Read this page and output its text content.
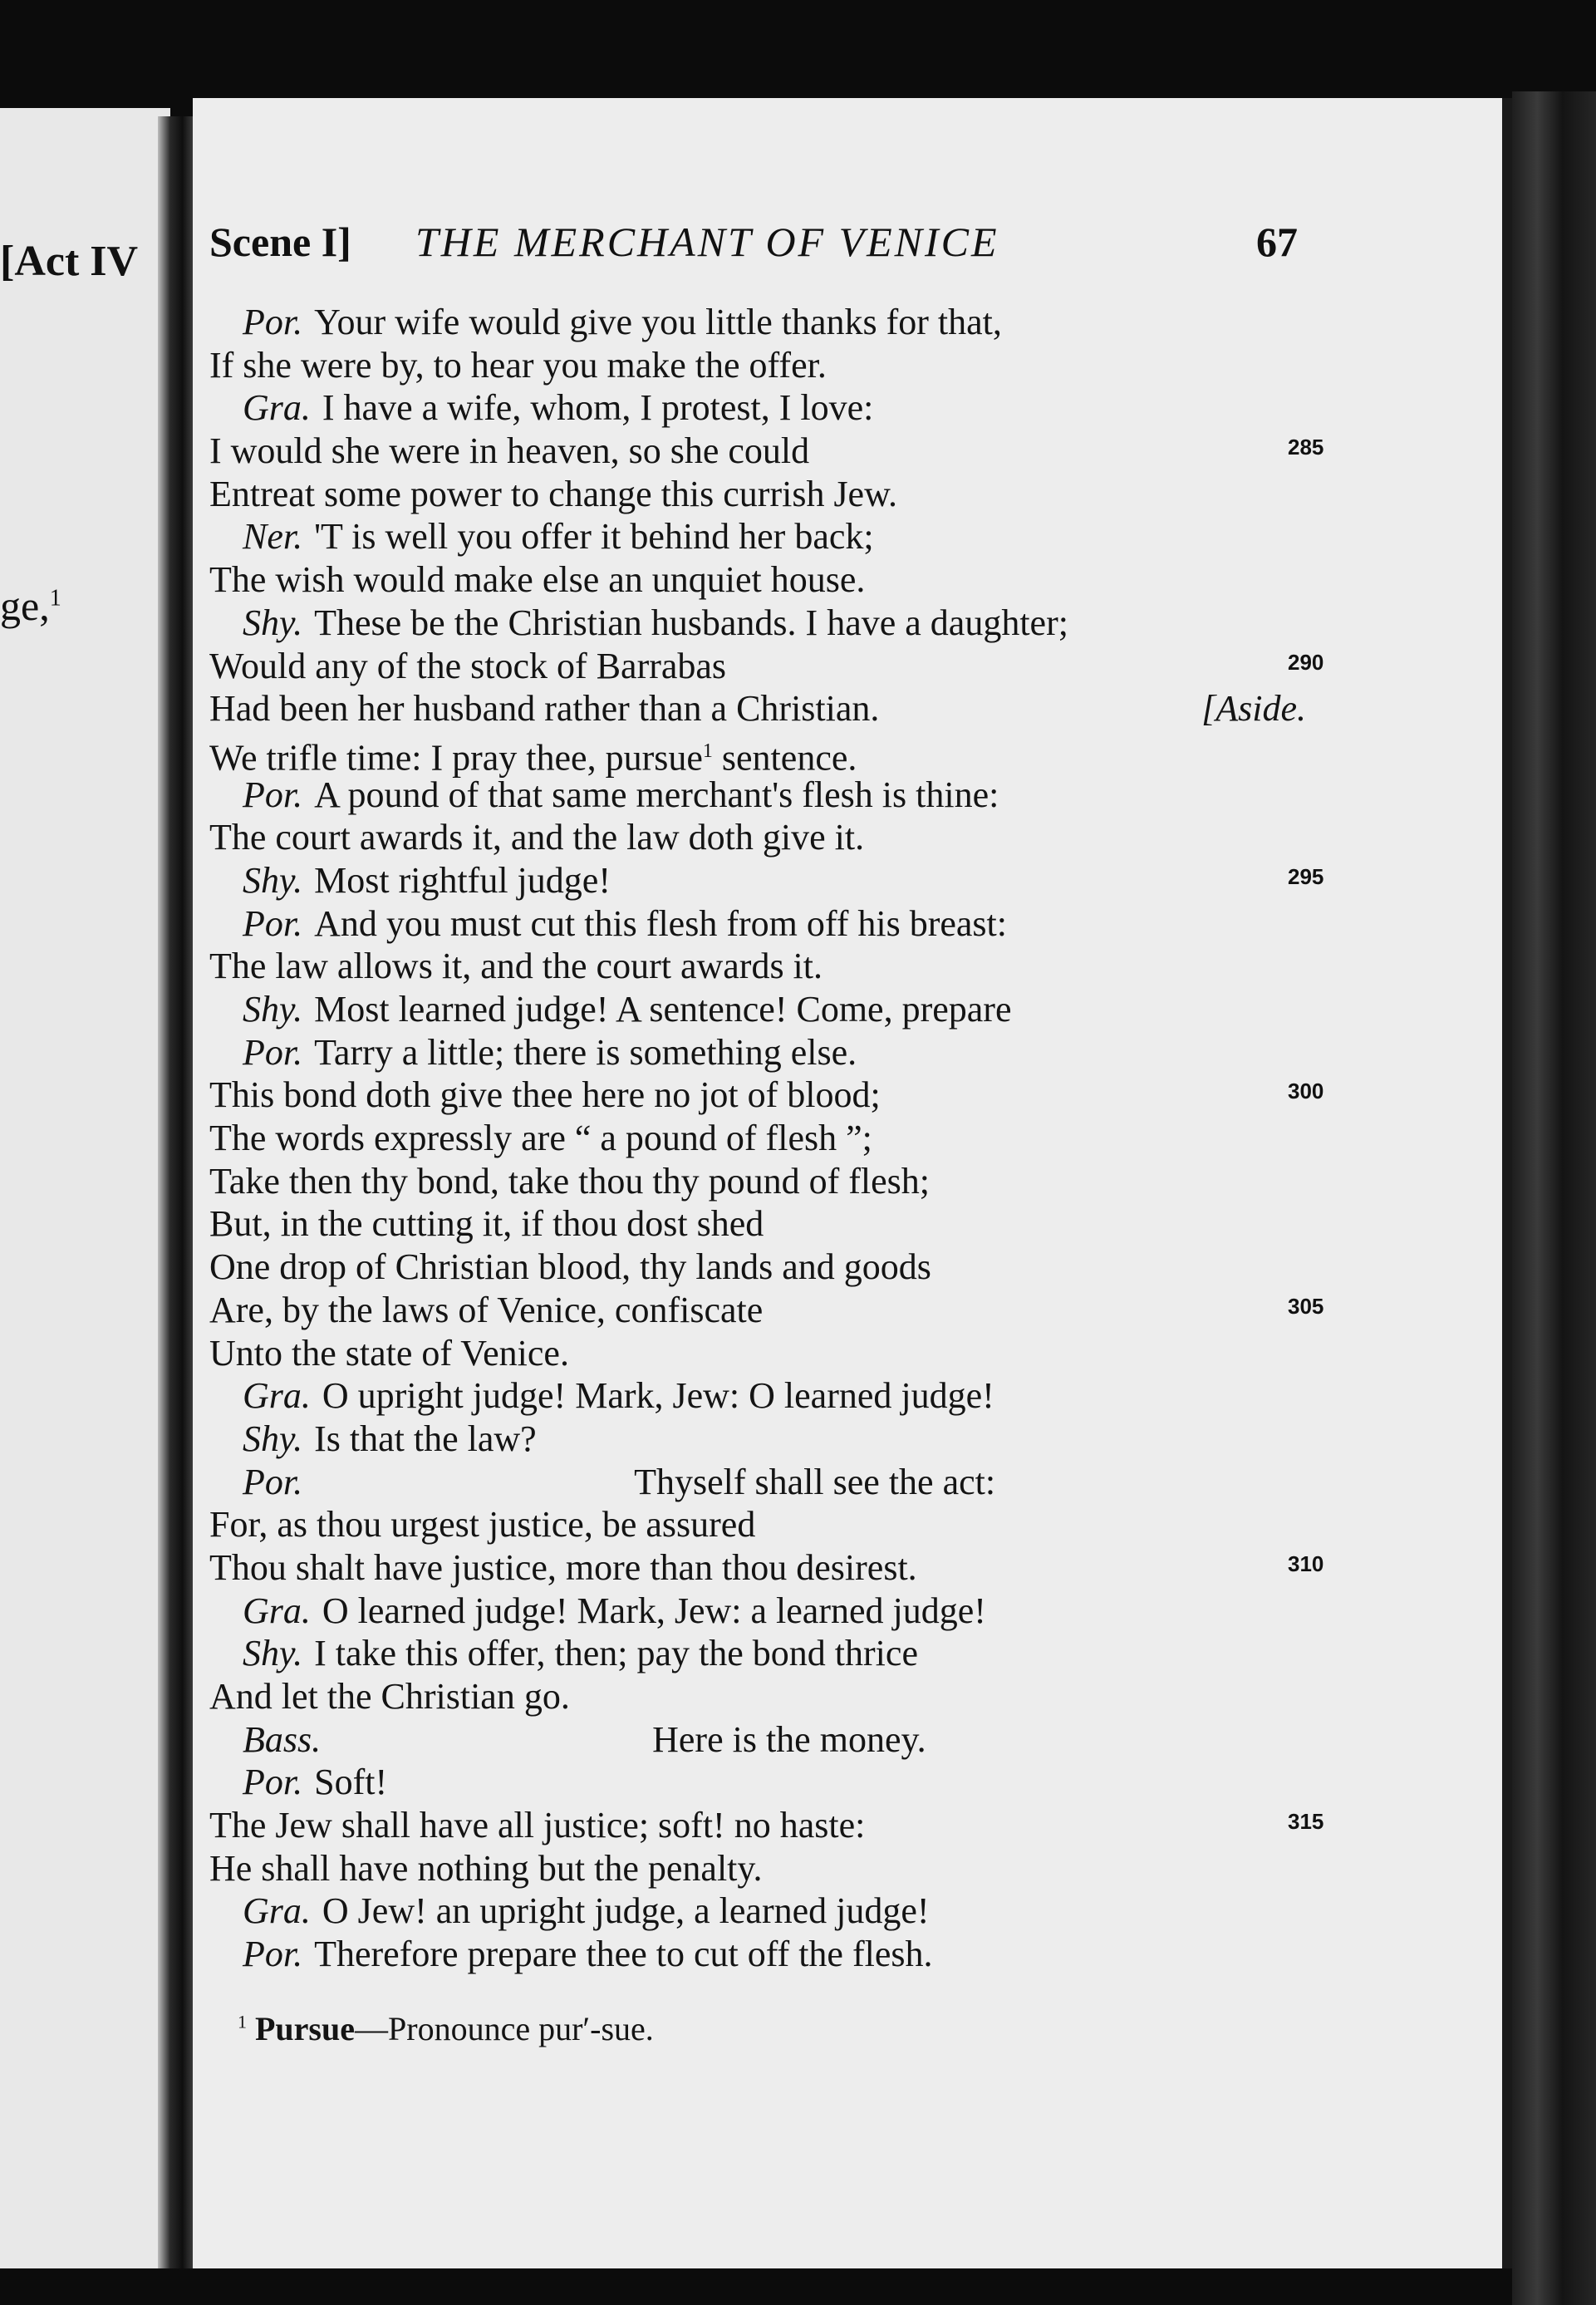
[Act IV
ge,$^1$
Scene I] THE MERCHANT OF VENICE	67
Por. Your wife would give you little thanks for that,
If she were by, to hear you make the offer.
Gra. I have a wife, whom, I protest, I love:
I would she were in heaven, so she could
Entreat some power to change this currish Jew.
Ner. 'T is well you offer it behind her back;
The wish would make else an unquiet house.
Shy. These be the Christian husbands. I have a daughter;
Would any of the stock of Barrabas
Had been her husband rather than a Christian.	[Aside.
We trifle time: I pray thee, pursue$^1$ sentence.
Por. A pound of that same merchant's flesh is thine:
The court awards it, and the law doth give it.
Shy. Most rightful judge!
Por. And you must cut this flesh from off his breast:
The law allows it, and the court awards it.
Shy. Most learned judge! A sentence! Come, prepare
Por. Tarry a little; there is something else.
This bond doth give thee here no jot of blood;
The words expressly are “ a pound of flesh ”;
Take then thy bond, take thou thy pound of flesh;
But, in the cutting it, if thou dost shed
One drop of Christian blood, thy lands and goods
Are, by the laws of Venice, confiscate
Unto the state of Venice.
Gra. O upright judge! Mark, Jew: O learned judge!
Shy. Is that the law?
Por.	Thyself shall see the act:
For, as thou urgest justice, be assured
Thou shalt have justice, more than thou desirest.
Gra. O learned judge! Mark, Jew: a learned judge!
Shy. I take this offer, then; pay the bond thrice
And let the Christian go.
Bass.	Here is the money.
Por. Soft!
The Jew shall have all justice; soft! no haste:
He shall have nothing but the penalty.
Gra. O Jew! an upright judge, a learned judge!
Por. Therefore prepare thee to cut off the flesh.
$^1$ Pursue—Pronounce pur′-sue.
285
290
295
300
305
310
315
